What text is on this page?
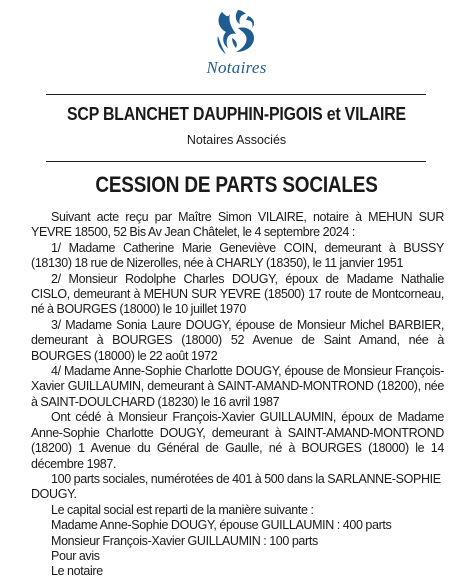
Notaires
SCP BLANCHET DAUPHIN-PIGOIS et VILAIRE
Notaires Associés
CESSION DE PARTS SOCIALES

Suivant acte reçu par Maître Simon VILAIRE, notaire à MEHUN SUR YEVRE 18500, 52 Bis Av Jean Châtelet, le 4 septembre 2024 :

1/ Madame Catherine Marie Geneviève COIN, demeurant à BUSSY (18130) 18 rue de Nizerolles, née à CHARLY (18350), le 11 janvier 1951

2/ Monsieur Rodolphe Charles DOUGY, époux de Madame Nathalie CISLO, demeurant à MEHUN SUR YEVRE (18500) 17 route de Montcorneau, né à BOURGES (18000) le 10 juillet 1970

3/ Madame Sonia Laure DOUGY, épouse de Monsieur Michel BARBIER, demeurant à BOURGES (18000) 52 Avenue de Saint Amand, née à BOURGES (18000) le 22 août 1972

4/ Madame Anne-Sophie Charlotte DOUGY, épouse de Monsieur François-Xavier GUILLAUMIN, demeurant à SAINT-AMAND-MONTROND (18200), née à SAINT-DOULCHARD (18230) le 16 avril 1987

Ont cédé à Monsieur François-Xavier GUILLAUMIN, époux de Madame Anne-Sophie Charlotte DOUGY, demeurant à SAINT-AMAND-MONTROND (18200) 1 Avenue du Général de Gaulle, né à BOURGES (18000) le 14 décembre 1987.

100 parts sociales, numérotées de 401 à 500 dans la SARLANNE-SOPHIE DOUGY.

Le capital social est reparti de la manière suivante :

Madame Anne-Sophie DOUGY, épouse GUILLAUMIN : 400 parts

Monsieur François-Xavier GUILLAUMIN : 100 parts

Pour avis

Le notaire
